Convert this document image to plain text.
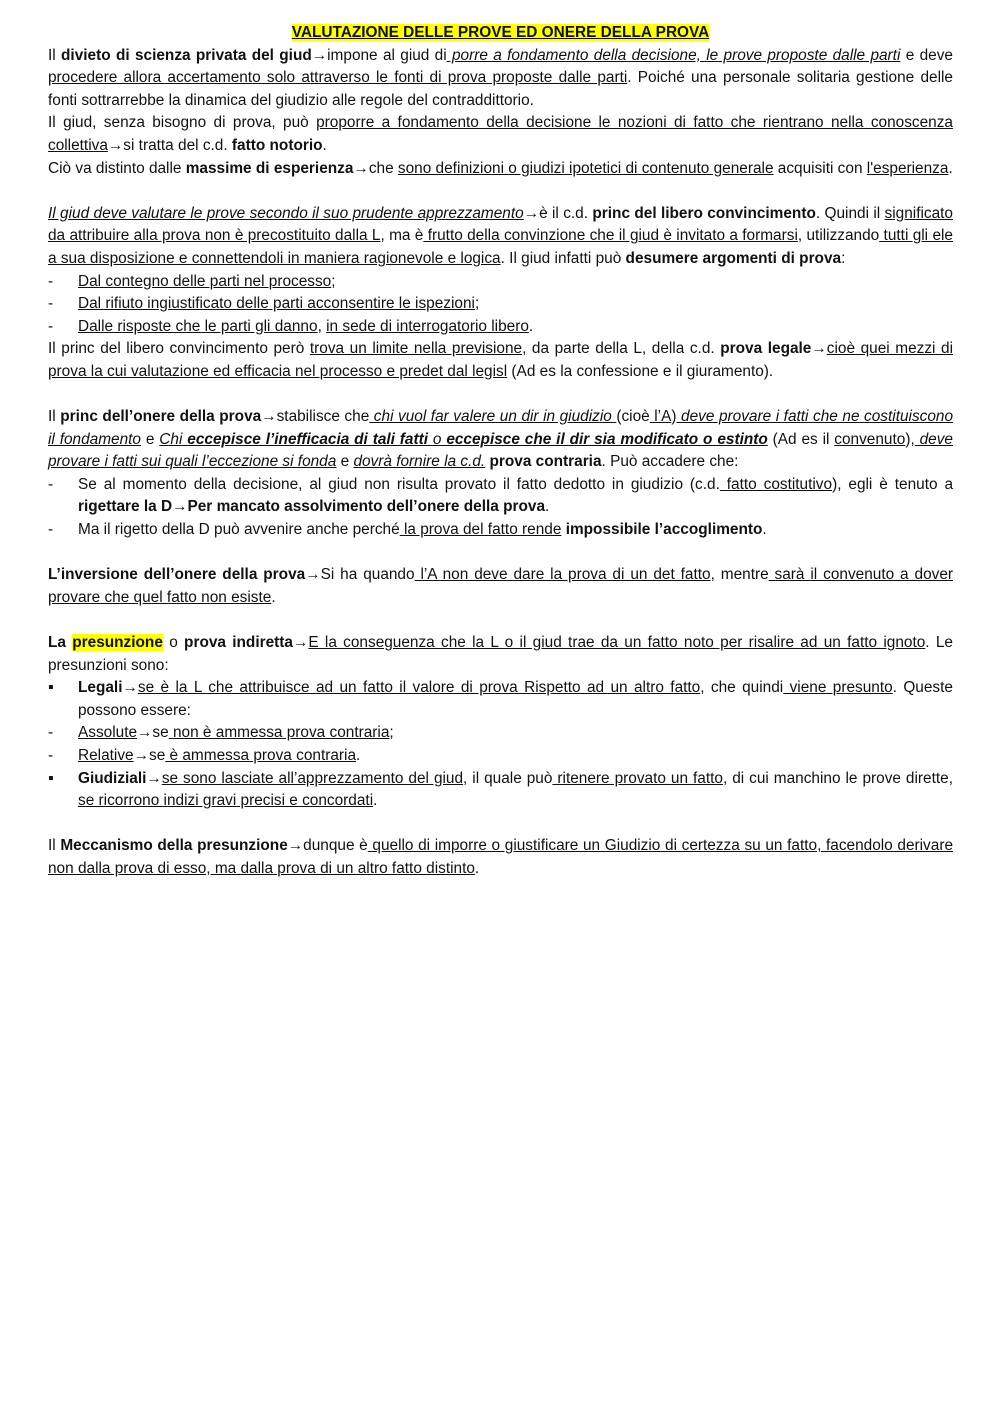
VALUTAZIONE DELLE PROVE ED ONERE DELLA PROVA

Il divieto di scienza privata del giud→impone al giud di porre a fondamento della decisione, le prove proposte dalle parti e deve procedere allora accertamento solo attraverso le fonti di prova proposte dalle parti. Poiché una personale solitaria gestione delle fonti sottrarrebbe la dinamica del giudizio alle regole del contraddittorio.

Il giud, senza bisogno di prova, può proporre a fondamento della decisione le nozioni di fatto che rientrano nella conoscenza collettiva→si tratta del c.d. fatto notorio.

Ciò va distinto dalle massime di esperienza→che sono definizioni o giudizi ipotetici di contenuto generale acquisiti con l'esperienza.

Il giud deve valutare le prove secondo il suo prudente apprezzamento→è il c.d. princ del libero convincimento. Quindi il significato da attribuire alla prova non è precostituito dalla L, ma è frutto della convinzione che il giud è invitato a formarsi, utilizzando tutti gli ele a sua disposizione e connettendoli in maniera ragionevole e logica. Il giud infatti può desumere argomenti di prova:

- Dal contegno delle parti nel processo;
- Dal rifiuto ingiustificato delle parti acconsentire le ispezioni;
- Dalle risposte che le parti gli danno, in sede di interrogatorio libero.

Il princ del libero convincimento però trova un limite nella previsione, da parte della L, della c.d. prova legale→cioè quei mezzi di prova la cui valutazione ed efficacia nel processo e predet dal legisl (Ad es la confessione e il giuramento).

Il princ dell’onere della prova→stabilisce che chi vuol far valere un dir in giudizio (cioè l’A) deve provare i fatti che ne costituiscono il fondamento e Chi eccepisce l’inefficacia di tali fatti o eccepisce che il dir sia modificato o estinto (Ad es il convenuto), deve provare i fatti sui quali l’eccezione si fonda e dovrà fornire la c.d. prova contraria. Può accadere che:

- Se al momento della decisione, al giud non risulta provato il fatto dedotto in giudizio (c.d. fatto costitutivo), egli è tenuto a rigettare la D→Per mancato assolvimento dell’onere della prova.
- Ma il rigetto della D può avvenire anche perché la prova del fatto rende impossibile l’accoglimento.

L’inversione dell’onere della prova→Si ha quando l’A non deve dare la prova di un det fatto, mentre sarà il convenuto a dover provare che quel fatto non esiste.

La presunzione o prova indiretta→E la conseguenza che la L o il giud trae da un fatto noto per risalire ad un fatto ignoto. Le presunzioni sono:

▪ Legali→se è la L che attribuisce ad un fatto il valore di prova Rispetto ad un altro fatto, che quindi viene presunto. Queste possono essere:
- Assolute→se non è ammessa prova contraria;
- Relative→se è ammessa prova contraria.
▪ Giudiziali→se sono lasciate all’apprezzamento del giud, il quale può ritenere provato un fatto, di cui manchino le prove dirette, se ricorrono indizi gravi precisi e concordati.

Il Meccanismo della presunzione→dunque è quello di imporre o giustificare un Giudizio di certezza su un fatto, facendolo derivare non dalla prova di esso, ma dalla prova di un altro fatto distinto.
